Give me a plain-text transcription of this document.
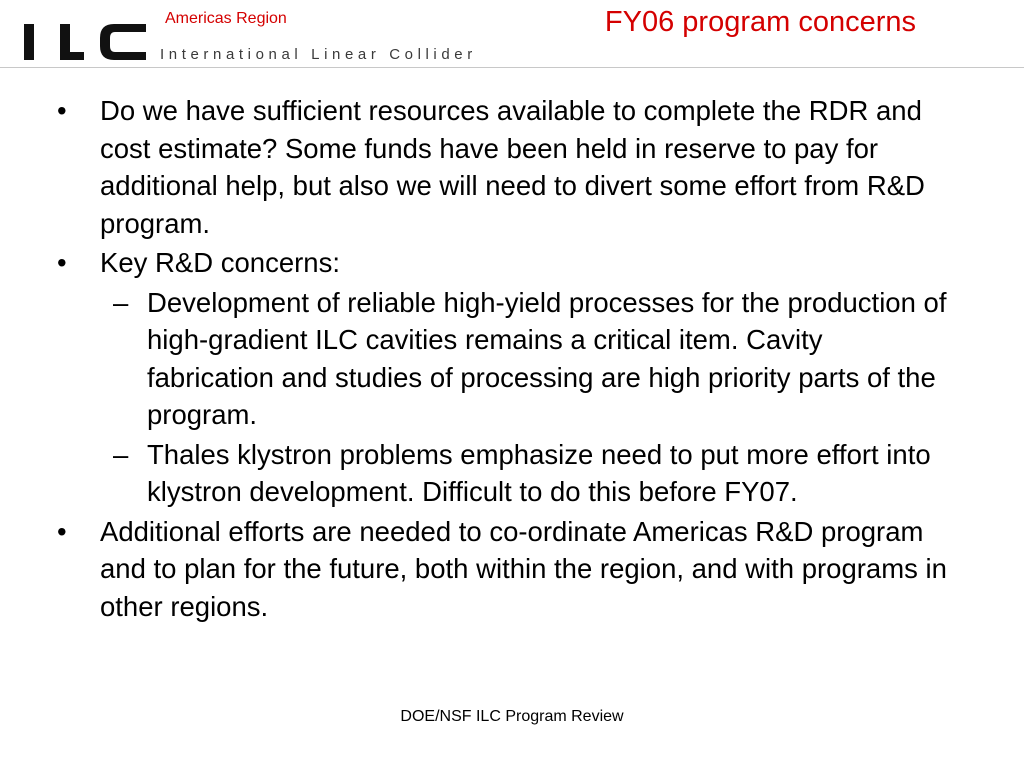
International Linear Collider
Americas Region	FY06 program concerns
• Do we have sufficient resources available to complete the RDR and cost estimate? Some funds have been held in reserve to pay for additional help, but also we will need to divert some effort from R&D program.
• Key R&D concerns:
– Development of reliable high-yield processes for the production of high-gradient ILC cavities remains a critical item. Cavity fabrication and studies of processing are high priority parts of the program.
– Thales klystron problems emphasize need to put more effort into klystron development. Difficult to do this before FY07.
• Additional efforts are needed to co-ordinate Americas R&D program and to plan for the future, both within the region, and with programs in other regions.
DOE/NSF ILC Program Review
